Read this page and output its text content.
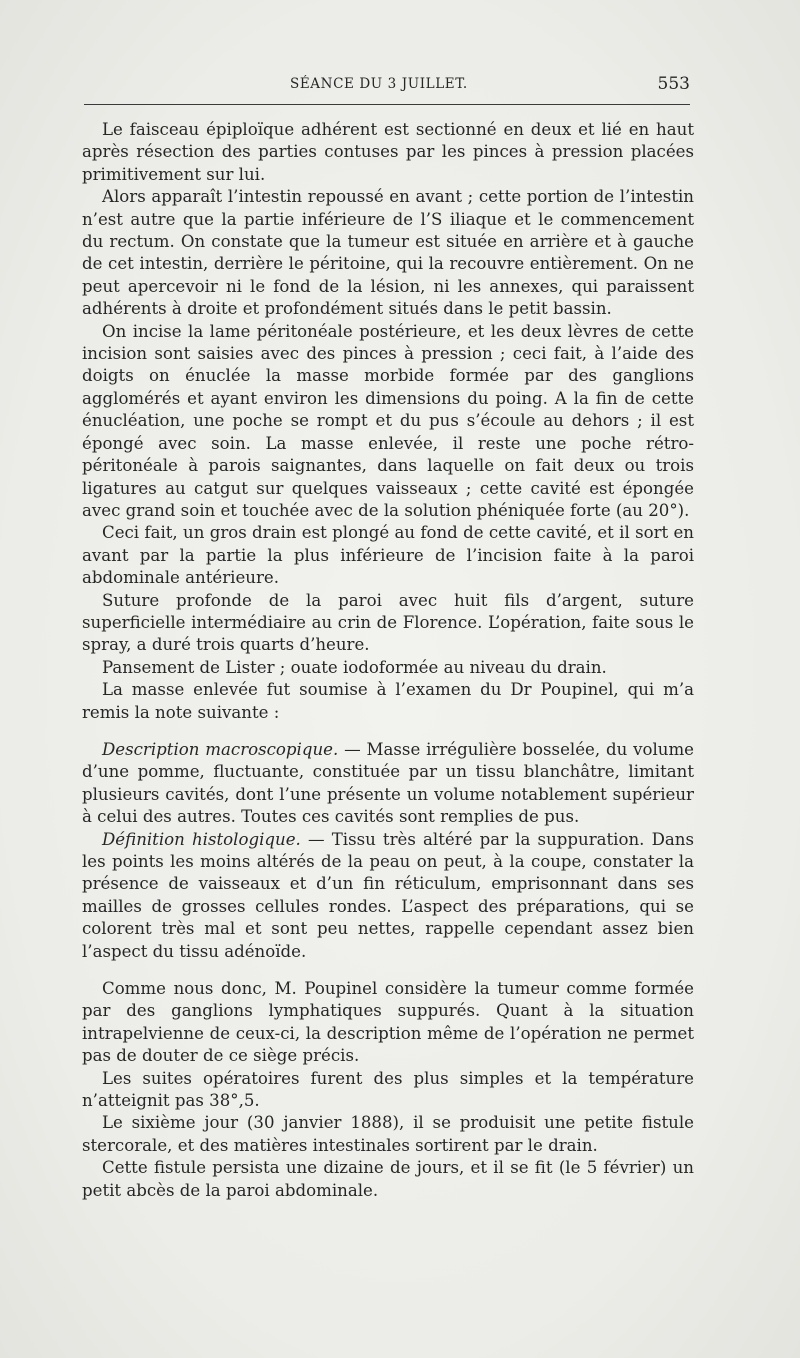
SÉANCE DU 3 JUILLET.	553

Le faisceau épiploïque adhérent est sectionné en deux et lié en haut après résection des parties contuses par les pinces à pression placées primitivement sur lui.

Alors apparaît l’intestin repoussé en avant ; cette portion de l’intestin n’est autre que la partie inférieure de l’S iliaque et le commencement du rectum. On constate que la tumeur est située en arrière et à gauche de cet intestin, derrière le péritoine, qui la recouvre entièrement. On ne peut apercevoir ni le fond de la lésion, ni les annexes, qui paraissent adhérents à droite et profondément situés dans le petit bassin.

On incise la lame péritonéale postérieure, et les deux lèvres de cette incision sont saisies avec des pinces à pression ; ceci fait, à l’aide des doigts on énuclée la masse morbide formée par des ganglions agglomérés et ayant environ les dimensions du poing. A la fin de cette énucléation, une poche se rompt et du pus s’écoule au dehors ; il est épongé avec soin. La masse enlevée, il reste une poche rétro-péritonéale à parois saignantes, dans laquelle on fait deux ou trois ligatures au catgut sur quelques vaisseaux ; cette cavité est épongée avec grand soin et touchée avec de la solution phéniquée forte (au 20°).

Ceci fait, un gros drain est plongé au fond de cette cavité, et il sort en avant par la partie la plus inférieure de l’incision faite à la paroi abdominale antérieure.

Suture profonde de la paroi avec huit fils d’argent, suture superficielle intermédiaire au crin de Florence. L’opération, faite sous le spray, a duré trois quarts d’heure.

Pansement de Lister ; ouate iodoformée au niveau du drain.

La masse enlevée fut soumise à l’examen du Dr Poupinel, qui m’a remis la note suivante :

Description macroscopique. — Masse irrégulière bosselée, du volume d’une pomme, fluctuante, constituée par un tissu blanchâtre, limitant plusieurs cavités, dont l’une présente un volume notablement supérieur à celui des autres. Toutes ces cavités sont remplies de pus.

Définition histologique. — Tissu très altéré par la suppuration. Dans les points les moins altérés de la peau on peut, à la coupe, constater la présence de vaisseaux et d’un fin réticulum, emprisonnant dans ses mailles de grosses cellules rondes. L’aspect des préparations, qui se colorent très mal et sont peu nettes, rappelle cependant assez bien l’aspect du tissu adénoïde.

Comme nous donc, M. Poupinel considère la tumeur comme formée par des ganglions lymphatiques suppurés. Quant à la situation intrapelvienne de ceux-ci, la description même de l’opération ne permet pas de douter de ce siège précis.

Les suites opératoires furent des plus simples et la température n’atteignit pas 38°,5.

Le sixième jour (30 janvier 1888), il se produisit une petite fistule stercorale, et des matières intestinales sortirent par le drain.

Cette fistule persista une dizaine de jours, et il se fit (le 5 février) un petit abcès de la paroi abdominale.
